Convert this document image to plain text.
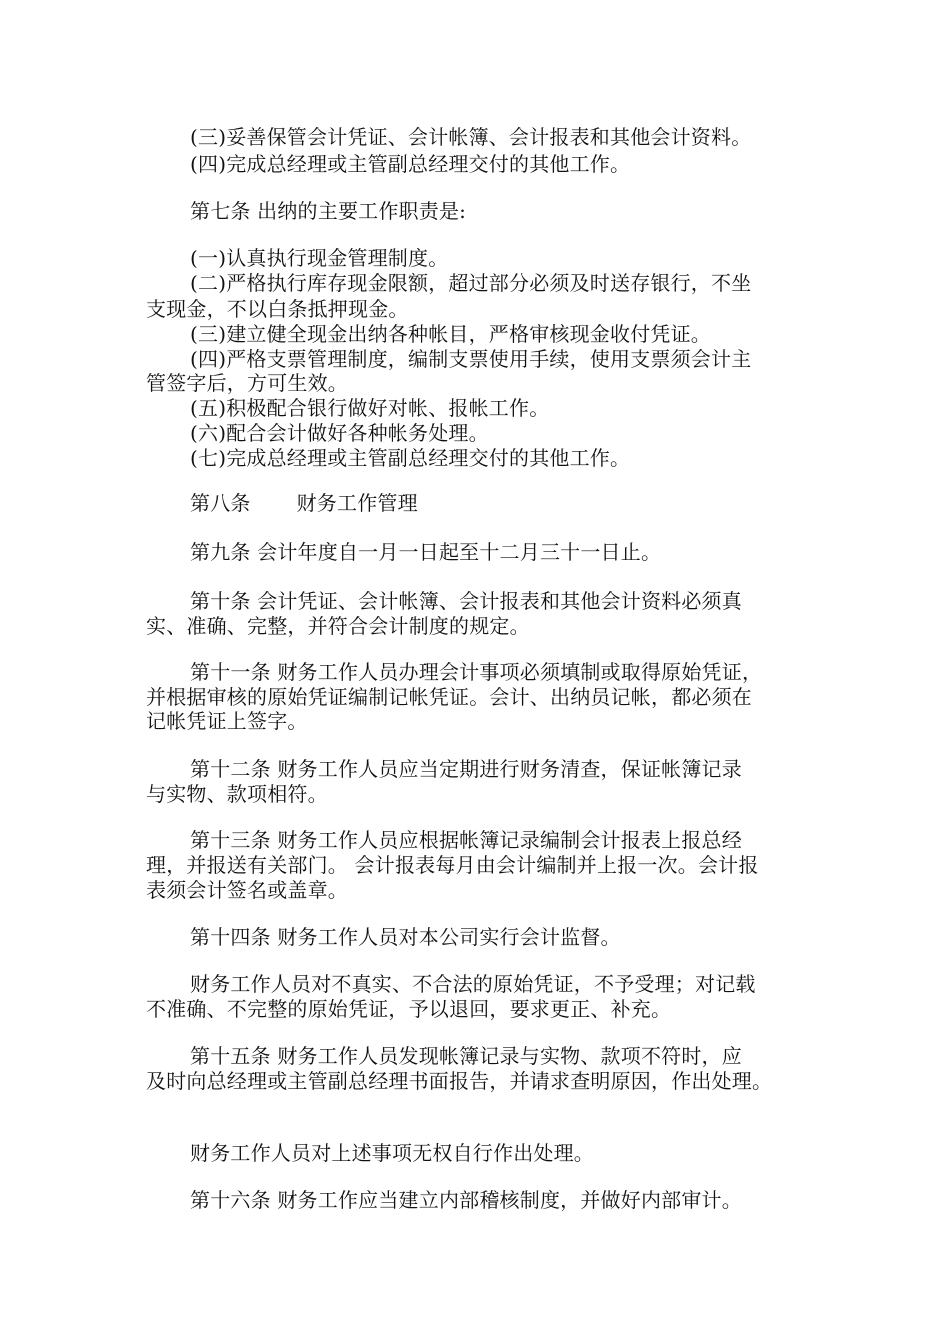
(三)妥善保管会计凭证、会计帐簿、会计报表和其他会计资料。
(四)完成总经理或主管副总经理交付的其他工作。
第七条 出纳的主要工作职责是:
(一)认真执行现金管理制度。
(二)严格执行库存现金限额，超过部分必须及时送存银行，不坐
支现金，不以白条抵押现金。
(三)建立健全现金出纳各种帐目，严格审核现金收付凭证。
(四)严格支票管理制度，编制支票使用手续，使用支票须会计主
管签字后，方可生效。
(五)积极配合银行做好对帐、报帐工作。
(六)配合会计做好各种帐务处理。
(七)完成总经理或主管副总经理交付的其他工作。
第八条 财务工作管理
第九条 会计年度自一月一日起至十二月三十一日止。
第十条 会计凭证、会计帐簿、会计报表和其他会计资料必须真
实、准确、完整，并符合会计制度的规定。
第十一条 财务工作人员办理会计事项必须填制或取得原始凭证，
并根据审核的原始凭证编制记帐凭证。会计、出纳员记帐，都必须在
记帐凭证上签字。
第十二条 财务工作人员应当定期进行财务清查，保证帐簿记录
与实物、款项相符。
第十三条 财务工作人员应根据帐簿记录编制会计报表上报总经
理，并报送有关部门。 会计报表每月由会计编制并上报一次。会计报
表须会计签名或盖章。
第十四条 财务工作人员对本公司实行会计监督。
财务工作人员对不真实、不合法的原始凭证，不予受理；对记载
不准确、不完整的原始凭证，予以退回，要求更正、补充。
第十五条 财务工作人员发现帐簿记录与实物、款项不符时，应
及时向总经理或主管副总经理书面报告，并请求查明原因，作出处理。
财务工作人员对上述事项无权自行作出处理。
第十六条 财务工作应当建立内部稽核制度，并做好内部审计。
